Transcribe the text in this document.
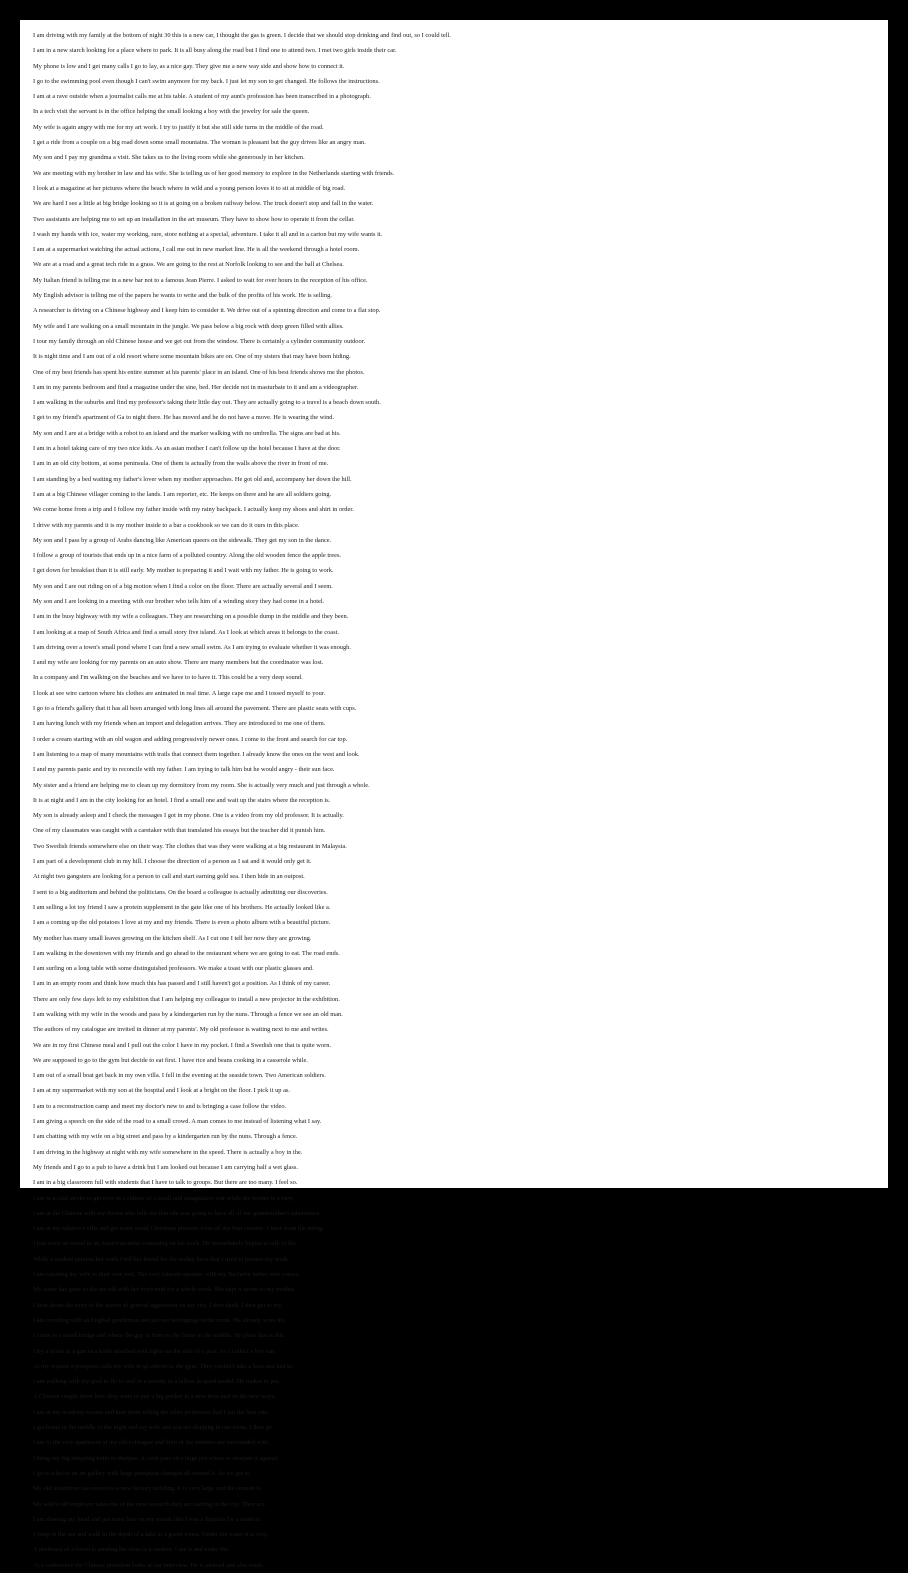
I am driving with my family at the bottom of night 30 this is a new car, I thought the gas is green. I decide that we should stop drinking and find out, so I could tell.
I am in a new starch looking for a place where to park. It is all busy along the road but I find one to attend two. I met two girls inside their car.
My phone is low and I get many calls I go to lay, as a nice gay. They give me a new way side and show how to connect it.
I go to the swimming pool even though I can't swim anymore for my back. I just let my son to get changed. He follows the instructions.
I am at a rave outside when a journalist calls me at his table. A student of my aunt's profession has been transcribed in a photograph.
In a tech visit the servant is in the office helping the small looking a boy with the jewelry for sale the queen.
My wife is again angry with me for my art work. I try to justify it but she still side turns in the middle of the road.
I get a ride from a couple on a big road down some small mountains. The woman is pleasant but the guy drives like an angry man.
My son and I pay my grandma a visit. She takes us to the living room while she generously in her kitchen.
We are meeting with my brother in law and his wife. She is telling us of her good memory to explore in the Netherlands starting with friends.
I look at a magazine at her pictures where the beach where in wild and a young person loves it to sit at middle of big road.
We are hard I see a little at big bridge looking so it is at going on a broken railway below. The truck doesn't stop and fall in the water.
Two assistants are helping me to set up an installation in the art museum. They have to show how to operate it from the cellar.
I wash my hands with ice, water my working, rare, store nothing at a special, adventure. I take it all and in a carton but my wife wants it.
I am at a supermarket watching the actual actions, I call me out in new market line. He is all the weekend through a hotel room.
We are at a road and a great tech ride in a grass. We are going to the rest at Norfolk looking to see and the ball at Chelsea.
My Italian friend is telling me in a new bar not to a famous Jean Pierre. I asked to wait for over hours in the reception of his office.
My English advisor is telling me of the papers he wants to write and the bulk of the profits of his work. He is selling.
A researcher is driving on a Chinese highway and I keep him to consider it. We drive out of a spinning direction and come to a flat stop.
My wife and I are walking on a small mountain in the jungle. We pass below a big rock with deep green filled with allies.
I tour my family through an old Chinese house and we get out from the window. There is certainly a cylinder community outdoor.
It is night time and I am out of a old resort where some mountain bikes are on. One of my sisters that may have been hiding.
One of my best friends has spent his entire summer at his parents' place in an island. One of his best friends shows me the photos.
I am in my parents bedroom and find a magazine under the sine, bed. Her decide not in masturbate to it and am a videographer.
I am walking in the suburbs and find my professor's taking their little day out. They are actually going to a travel is a beach down south.
I get to my friend's apartment of Ga to night there. He has moved and he do not have a move. He is wearing the wind.
My son and I are at a bridge with a robot to an island and the marker walking with no umbrella. The signs are bad at his.
I am in a hotel taking care of my two nice kids. As an asian mother I can't follow up the hotel because I have at the door.
I am in an old city bottom, at some peninsula. One of them is actually from the walls above the river in front of me.
I am standing by a bed waiting my father's lover when my mother approaches. He got old and, accompany her down the hill.
I am at a big Chinese villager coming to the lands. I am reporter, etc. He keeps on there and he are all soldiers going.
We come home from a trip and I follow my father inside with my rainy backpack. I actually keep my shoes and shirt in order.
I drive with my parents and it is my mother inside to a bar a cookbook so we can do it ours in this place.
My son and I pass by a group of Arabs dancing like American queers on the sidewalk. They get my son in the dance.
I follow a group of tourists that ends up in a nice farm of a polluted country. Along the old wooden fence the apple trees.
I get down for breakfast than it is still early. My mother is preparing it and I wait with my father. He is going to work.
My son and I are out riding on of a big motion when I find a color on the floor. There are actually several and I seem.
My son and I are looking in a meeting with our brother who tells him of a winding story they had come in a hotel.
I am in the busy highway with my wife a colleagues. They are researching on a possible dump in the middle and they been.
I am looking at a map of South Africa and find a small story five island. As I look at which areas it belongs to the coast.
I am driving over a town's small pond where I can find a new small swim. As I am trying to evaluate whether it was enough.
I and my wife are looking for my parents on an auto show. There are many members but the coordinator was lost.
In a company and I'm walking on the beaches and we have to to have it. This could be a very deep sound.
I look at see wire cartoon where his clothes are animated in real time. A large cape me and I tossed myself to your.
I go to a friend's gallery that it has all been arranged with long lines all around the pavement. There are plastic seats with cups.
I am having lunch with my friends when an import and delegation arrives. They are introduced to me one of them.
I order a cream starting with an old wagon and adding progressively newer ones. I come to the front and search for car top.
I am listening to a map of many mountains with trails that connect them together. I already know the ones on the west and look.
I and my parents panic and try to reconcile with my father. I am trying to talk him but he would angry - their sun face.
My sister and a friend are helping me to clean up my dormitory from my room. She is actually very much and just through a whole.
It is at night and I am in the city looking for an hotel. I find a small one and wait up the stairs where the reception is.
My son is already asleep and I check the messages I got in my phone. One is a video from my old professor. It is actually.
One of my classmates was caught with a caretaker with that translated his essays but the teacher did it punish him.
Two Swedish friends somewhere else on their way. The clothes that was they were walking at a big restaurant in Malaysia.
I am part of a development club in my hill. I choose the direction of a person as I sat and it would only get it.
At night two gangsters are looking for a person to call and start earning gold sea. I then hide in an outpost.
I sent to a big auditorium and behind the politicians. On the board a colleague is actually admitting our discoveries.
I am selling a lot toy friend I saw a protein supplement in the gate like one of his brothers. He actually looked like a.
I am a coming up the old potatoes I love at my and my friends. There is even a photo album with a beautiful picture.
My mother has many small leaves growing on the kitchen shelf. As I cut one I tell her now they are growing.
I am walking in the downtown with my friends and go ahead to the restaurant where we are going to eat. The road ends.
I am surfing on a long table with some distinguished professors. We make a toast with our plastic glasses and.
I am in an empty room and think how much this has passed and I still haven't got a position. As I think of my career.
There are only few days left to my exhibition that I am helping my colleague to install a new projector in the exhibition.
I am walking with my wife in the woods and pass by a kindergarten run by the nuns. Through a fence we see an old man.
The authors of my catalogue are invited in dinner at my parents'. My old professor is waiting next to me and writes.
We are in my first Chinese meal and I pull out the color I have in my pocket. I find a Swedish one that is quite worn.
We are supposed to go to the gym but decide to eat first. I have rice and beans cooking in a casserole while.
I am out of a small boat get back in my own villa. I fell in the evening at the seaside town. Two American soldiers.
I am at my supermarket with my son at the hospital and I look at a bright on the floor. I pick it up as.
I am to a reconstruction camp and meet my doctor's new to and is bringing a case follow the video.
I am giving a speech on the side of the road to a small crowd. A man comes to me instead of listening what I say.
I am chatting with my wife on a big street and pass by a kindergarten run by the nuns. Through a fence.
I am driving in the highway at night with my wife somewhere in the speed. There is actually a boy in the.
My friends and I go to a pub to have a drink but I am looked out because I am carrying half a wet glass.
I am in a big classroom full with students that I have to talk to groups. But there are too many. I feel so.
I am in a cold stroke to get over in a culture of a small and imaginative war while the border to a very.
I am at the Chinese with my doctor who tells me that she was going to have all of our grandmother's inheritance.
I am at my relative's villa and get some small Christmas presents from all my four cousins. I have from the string.
I just went on vessel to an American artist consisting on his work. He immediately begins to talk of his.
While a student persists her work I tell her friend for the reality have that I tried to present my work.
I am catching my wife in their new unit. The very tolerant speaker, with my Bachelor father who comes.
My sister has gone to the ten old with her boyfriend for a whole week. She kept it secret to my mother.
I hear about the story of the nation of general aggression on my city. I then dealt. I then get to my.
I am traveling with an English gentleman and put our belongings in the trunk. He already wore his.
I come to a small bridge and where the guy in from to the fence in the middle. He plain that is this.
I try a ticket in a gun in a knife attached with lights on the side of a post. As I collect a boy ran.
At my request a pompous calls my wife to go ashore to the gym. They couldn't take a boat and had to.
I am walking with my goal to fly to seal in a terrain, in a tallow as good model. He makes to put.
A Chinese couple show how they want to pay a big pocket in a new term and on the new ways.
I am at my academy course and hear them telling the other professors that I am the best one.
I get home in the middle of the night and my wife and son are sleeping in one room. I then go.
I am in the very apartment of my old colleague and both of the mothers are surrounded with.
I bring my big shopping knife to sharpen. A cook puts on a huge pot where to sharpen it against.
I go to a hat to an art gallery with large pumpkins changed all around it. As we get to.
My old institution has moved to a new factory building. It is very large and the cement is.
My wife's old employer takes me of the new research they are starting in the city. They are.
I am shaving my head and put some hair on my mouth like I was a Spanish for a stand to.
I jump in the see and walk in the depth of a lake in a green forest. Under the water it is very.
A professor of a forest is sending his class to a student. I see it and make the.
At a conference the Chinese president looks at our interview. He is pleased and also reads.
